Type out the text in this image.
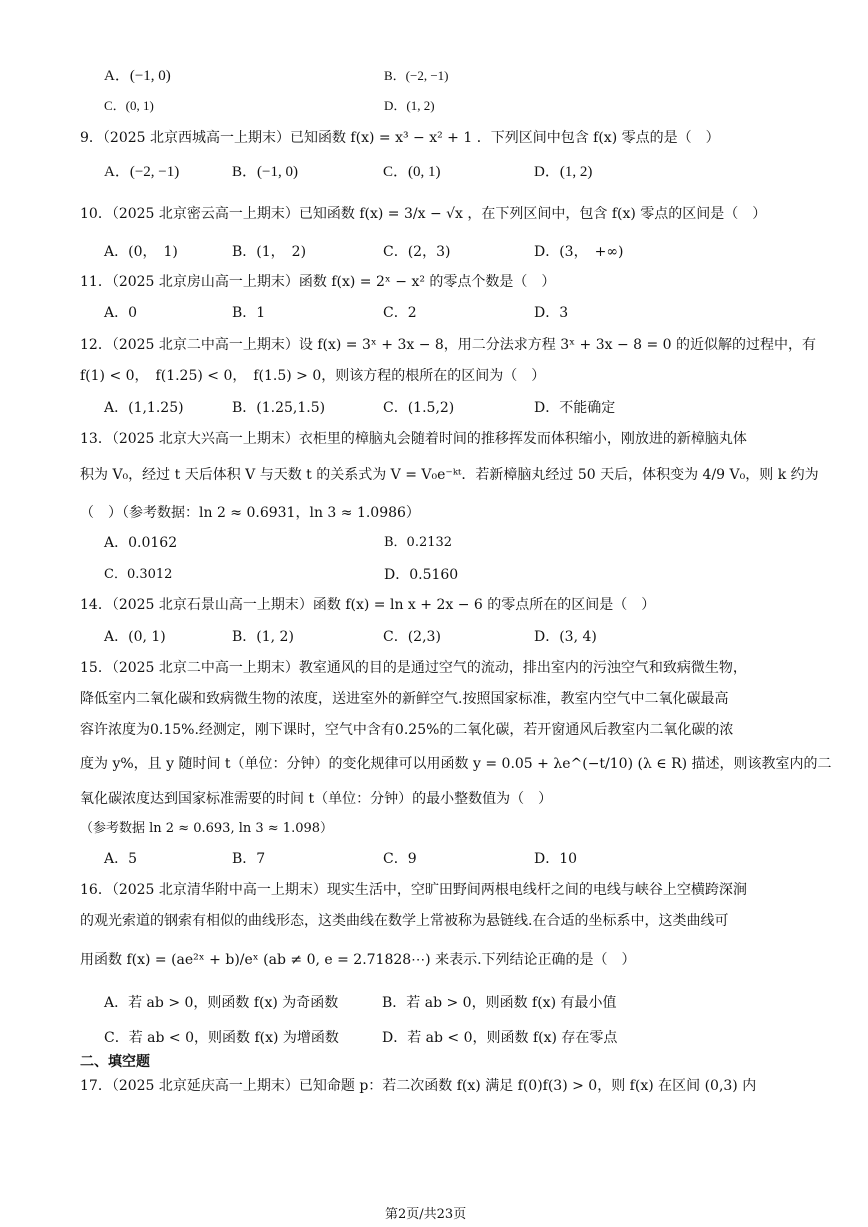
A．(−1, 0)	B．(−2, −1)
C．(0, 1)	D．(1, 2)
9．（2025 北京西城高一上期末）已知函数 f(x) = x³ − x² + 1 ．下列区间中包含 f(x) 零点的是（　）
A．(−2, −1)	B．(−1, 0)	C．(0, 1)	D．(1, 2)
10．（2025 北京密云高一上期末）已知函数 f(x) = 3/x − √x ，在下列区间中，包含 f(x) 零点的区间是（　）
A．(0，　1)	B．(1，　2)	C．(2，3)	D．(3，　+∞)
11．（2025 北京房山高一上期末）函数 f(x) = 2ˣ − x² 的零点个数是（　）
A．0	B．1	C．2	D．3
12．（2025 北京二中高一上期末）设 f(x) = 3ˣ + 3x − 8，用二分法求方程 3ˣ + 3x − 8 = 0 的近似解的过程中，有
f(1) < 0，　f(1.25) < 0，　f(1.5) > 0，则该方程的根所在的区间为（　）
A．(1,1.25)	B．(1.25,1.5)	C．(1.5,2)	D．不能确定
13．（2025 北京大兴高一上期末）衣柜里的樟脑丸会随着时间的推移挥发而体积缩小，刚放进的新樟脑丸体
积为 V₀，经过 t 天后体积 V 与天数 t 的关系式为 V = V₀e⁻ᵏᵗ．若新樟脑丸经过 50 天后，体积变为 4/9 V₀，则 k 约为
（　）（参考数据：ln 2 ≈ 0.6931，ln 3 ≈ 1.0986）
A．0.0162	B．0.2132
C．0.3012	D．0.5160
14．（2025 北京石景山高一上期末）函数 f(x) = ln x + 2x − 6 的零点所在的区间是（　）
A．(0, 1)	B．(1, 2)	C．(2,3)	D．(3, 4)
15．（2025 北京二中高一上期末）教室通风的目的是通过空气的流动，排出室内的污浊空气和致病微生物，
降低室内二氧化碳和致病微生物的浓度，送进室外的新鲜空气.按照国家标准，教室内空气中二氧化碳最高
容许浓度为0.15%.经测定，刚下课时，空气中含有0.25%的二氧化碳，若开窗通风后教室内二氧化碳的浓
度为 y%，且 y 随时间 t（单位：分钟）的变化规律可以用函数 y = 0.05 + λe^(−t/10) (λ ∈ R) 描述，则该教室内的二
氧化碳浓度达到国家标准需要的时间 t（单位：分钟）的最小整数值为（　）
（参考数据 ln 2 ≈ 0.693, ln 3 ≈ 1.098）
A．5	B．7	C．9	D．10
16．（2025 北京清华附中高一上期末）现实生活中，空旷田野间两根电线杆之间的电线与峡谷上空横跨深涧
的观光索道的钢索有相似的曲线形态，这类曲线在数学上常被称为悬链线.在合适的坐标系中，这类曲线可
用函数 f(x) = (ae²ˣ + b)/eˣ (ab ≠ 0, e = 2.71828⋯) 来表示.下列结论正确的是（　）
A．若 ab > 0，则函数 f(x) 为奇函数	B．若 ab > 0，则函数 f(x) 有最小值
C．若 ab < 0，则函数 f(x) 为增函数	D．若 ab < 0，则函数 f(x) 存在零点
二、填空题
17．（2025 北京延庆高一上期末）已知命题 p：若二次函数 f(x) 满足 f(0)f(3) > 0，则 f(x) 在区间 (0,3) 内
第2页/共23页
